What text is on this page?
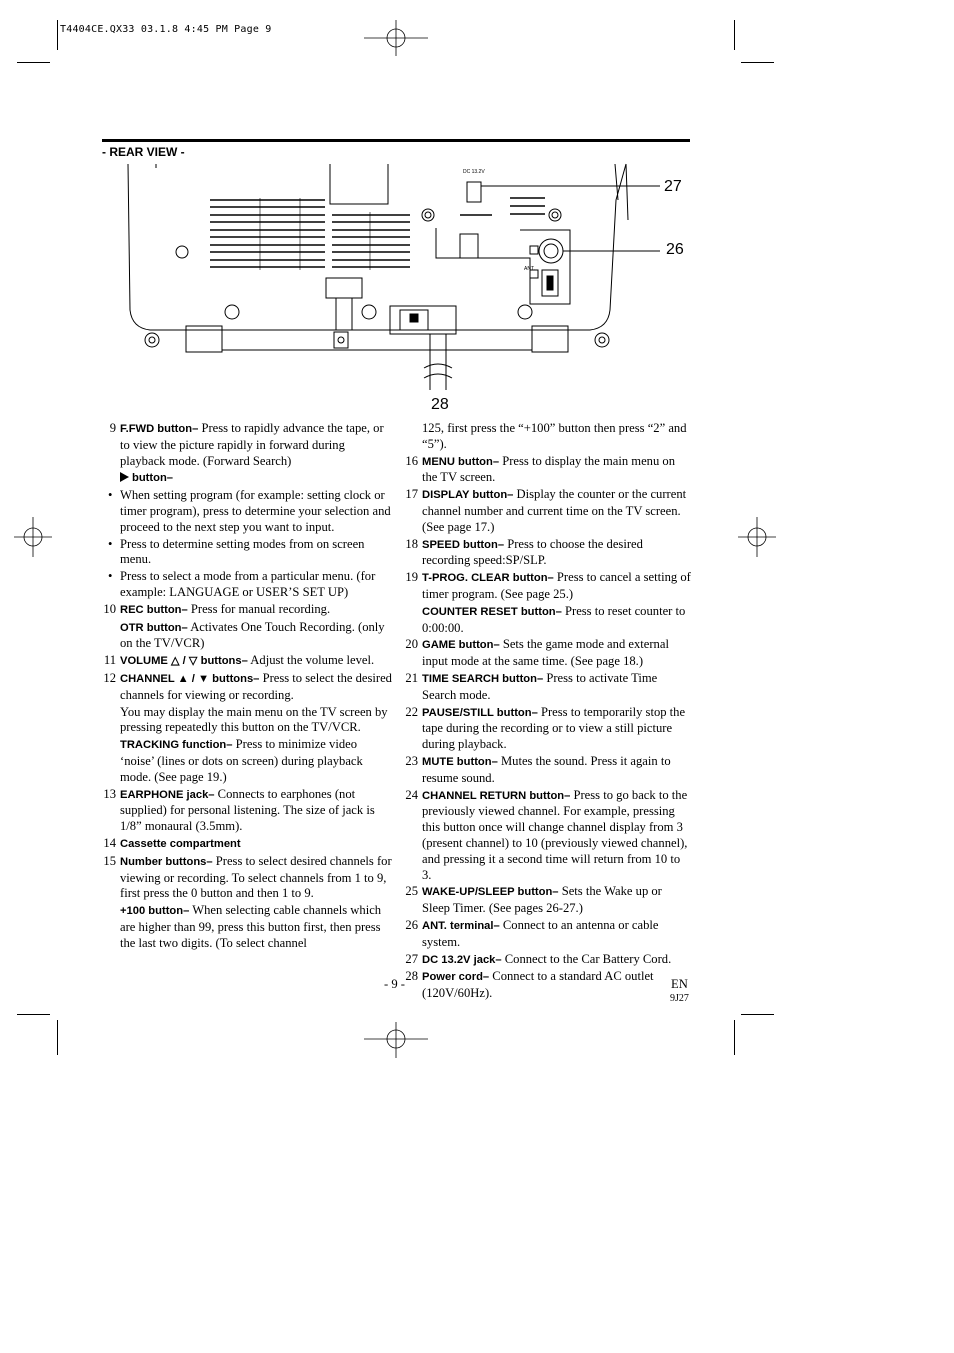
T4404CE.QX33 03.1.8 4:45 PM Page 9
- REAR VIEW -
DC 13.2V
ANT.
27
26
28
9 F.FWD button– Press to rapidly advance the tape, or to view the picture rapidly in forward during playback mode. (Forward Search)
button–
• When setting program (for example: setting clock or timer program), press to determine your selection and proceed to the next step you want to input.
• Press to determine setting modes from on screen menu.
• Press to select a mode from a particular menu. (for example: LANGUAGE or USER’S SET UP)
10 REC button– Press for manual recording.
OTR button– Activates One Touch Recording. (only on the TV/VCR)
11 VOLUME △ / ▽ buttons– Adjust the volume level.
12 CHANNEL ▲ / ▼ buttons– Press to select the desired channels for viewing or recording.
You may display the main menu on the TV screen by pressing repeatedly this button on the TV/VCR.
TRACKING function– Press to minimize video ‘noise’ (lines or dots on screen) during playback mode. (See page 19.)
13 EARPHONE jack– Connects to earphones (not supplied) for personal listening. The size of jack is 1/8” monaural (3.5mm).
14 Cassette compartment
15 Number buttons– Press to select desired channels for viewing or recording. To select channels from 1 to 9, first press the 0 button and then 1 to 9.
+100 button– When selecting cable channels which are higher than 99, press this button first, then press the last two digits. (To select channel
125, first press the “+100” button then press “2” and “5”).
16 MENU button– Press to display the main menu on the TV screen.
17 DISPLAY button– Display the counter or the current channel number and current time on the TV screen. (See page 17.)
18 SPEED button– Press to choose the desired recording speed:SP/SLP.
19 T-PROG. CLEAR button– Press to cancel a setting of timer program. (See page 25.)
COUNTER RESET button– Press to reset counter to 0:00:00.
20 GAME button– Sets the game mode and external input mode at the same time. (See page 18.)
21 TIME SEARCH button– Press to activate Time Search mode.
22 PAUSE/STILL button– Press to temporarily stop the tape during the recording or to view a still picture during playback.
23 MUTE button– Mutes the sound. Press it again to resume sound.
24 CHANNEL RETURN button– Press to go back to the previously viewed channel. For example, pressing this button once will change channel display from 3 (present channel) to 10 (previously viewed channel), and pressing it a second time will return from 10 to 3.
25 WAKE-UP/SLEEP button– Sets the Wake up or Sleep Timer. (See pages 26-27.)
26 ANT. terminal– Connect to an antenna or cable system.
27 DC 13.2V jack– Connect to the Car Battery Cord.
28 Power cord– Connect to a standard AC outlet (120V/60Hz).
- 9 -	EN
9J27
